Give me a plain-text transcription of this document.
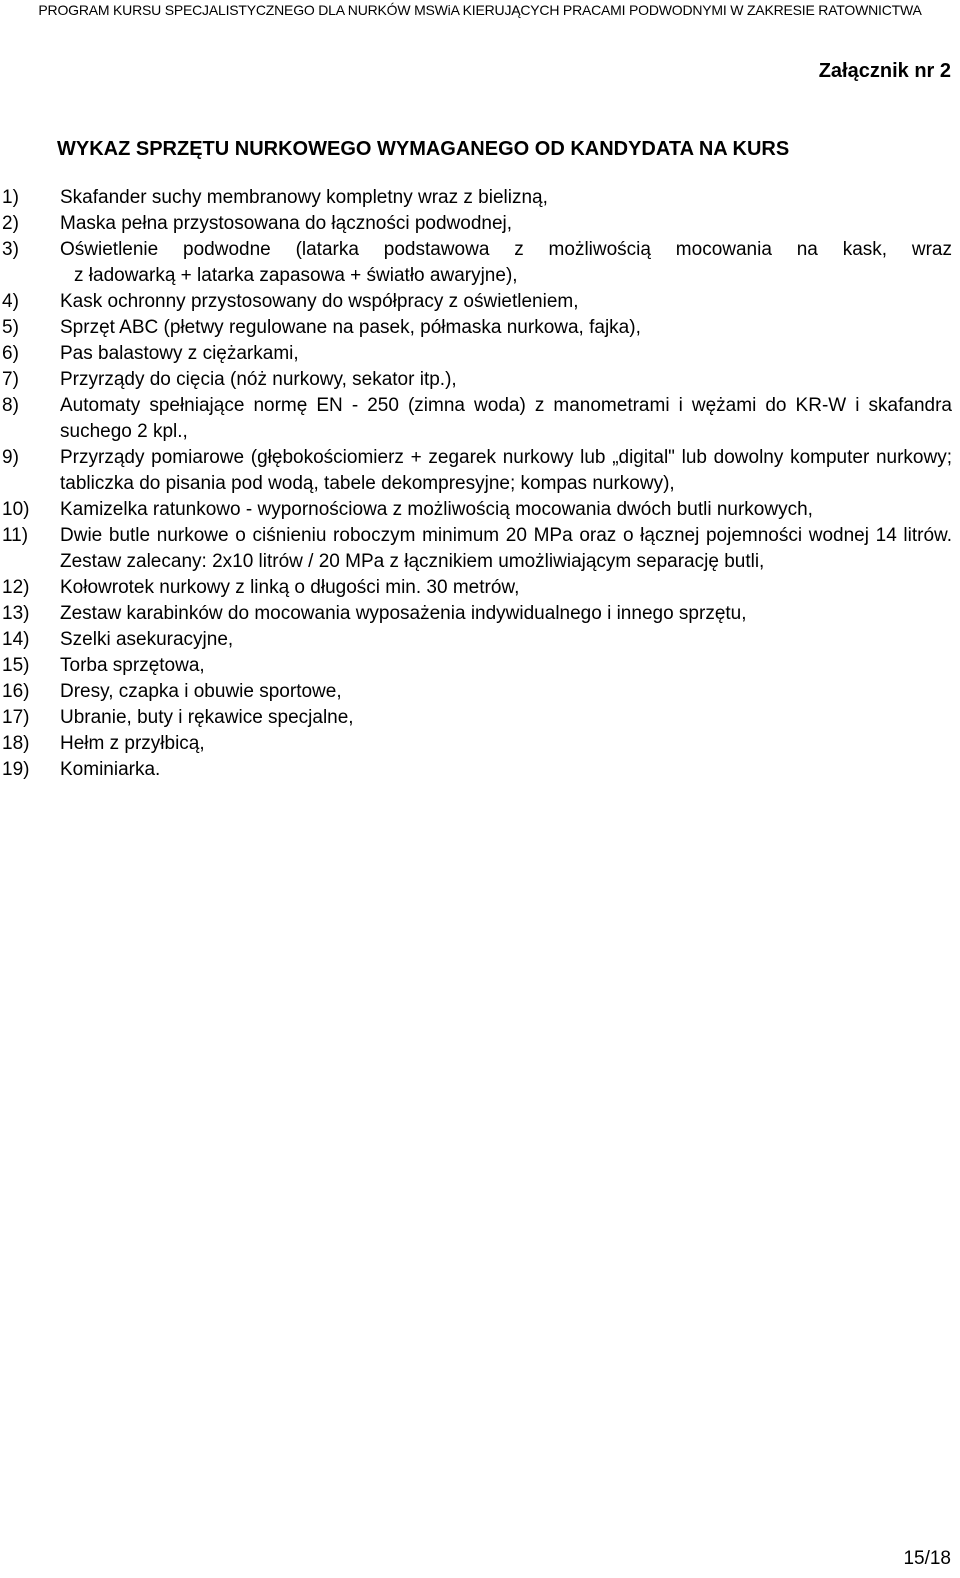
PROGRAM KURSU SPECJALISTYCZNEGO DLA NURKÓW MSWiA KIERUJĄCYCH PRACAMI PODWODNYMI W ZAKRESIE RATOWNICTWA
Załącznik nr 2
WYKAZ SPRZĘTU NURKOWEGO WYMAGANEGO OD KANDYDATA NA KURS
1)	Skafander suchy membranowy kompletny wraz z bielizną,
2)	Maska pełna przystosowana do łączności podwodnej,
3)	Oświetlenie podwodne (latarka podstawowa z możliwością mocowania na kask, wraz
z ładowarką + latarka zapasowa + światło awaryjne),
4)	Kask ochronny przystosowany do współpracy z oświetleniem,
5)	Sprzęt ABC (płetwy regulowane na pasek, półmaska nurkowa, fajka),
6)	Pas balastowy z ciężarkami,
7)	Przyrządy do cięcia (nóż nurkowy, sekator itp.),
8)	Automaty spełniające normę EN - 250 (zimna woda) z manometrami i wężami do KR-W i skafandra suchego 2 kpl.,
9)	Przyrządy pomiarowe (głębokościomierz + zegarek nurkowy lub „digital" lub dowolny komputer nurkowy; tabliczka do pisania pod wodą, tabele dekompresyjne; kompas nurkowy),
10)	Kamizelka ratunkowo - wypornościowa z możliwością mocowania dwóch butli nurkowych,
11)	Dwie butle nurkowe o ciśnieniu roboczym minimum 20 MPa oraz o łącznej pojemności wodnej 14 litrów. Zestaw zalecany: 2x10 litrów / 20 MPa z łącznikiem umożliwiającym separację butli,
12)	Kołowrotek nurkowy z linką o długości min. 30 metrów,
13)	Zestaw karabinków do mocowania wyposażenia indywidualnego i innego sprzętu,
14)	Szelki asekuracyjne,
15)	Torba sprzętowa,
16)	Dresy, czapka i obuwie sportowe,
17)	Ubranie, buty i rękawice specjalne,
18)	Hełm z przyłbicą,
19)	Kominiarka.
15/18
